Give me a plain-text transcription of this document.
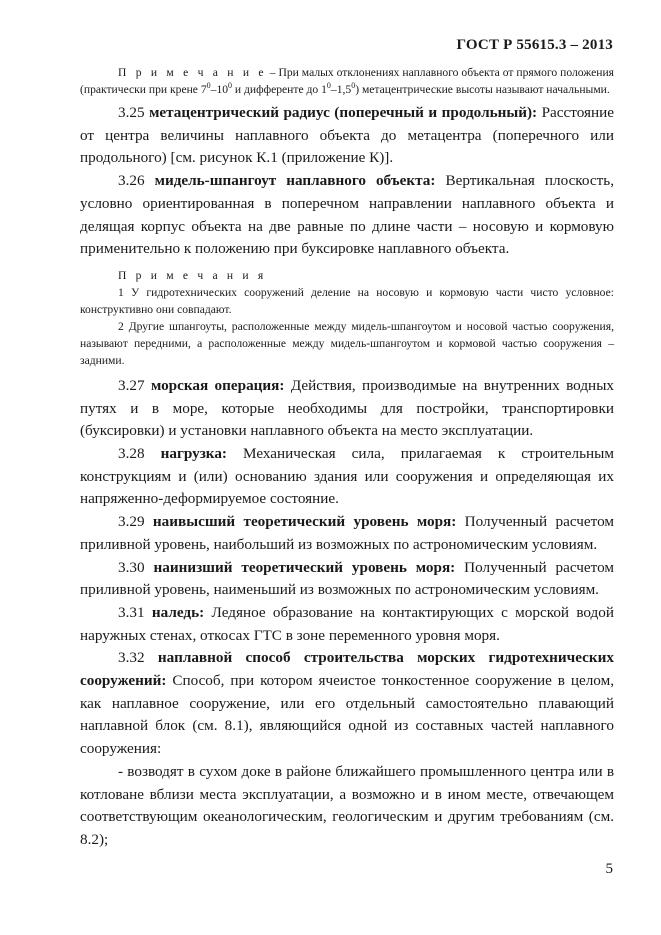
ГОСТ Р 55615.3 – 2013

П р и м е ч а н и е – При малых отклонениях наплавного объекта от прямого положения (практически при крене $7^0-10^0$ и дифференте до $1^0-1,5^0$) метацентрические высоты называют начальными.

3.25 метацентрический радиус (поперечный и продольный): Расстояние от центра величины наплавного объекта до метацентра (поперечного или продольного) [см. рисунок К.1 (приложение К)].

3.26 мидель-шпангоут наплавного объекта: Вертикальная плоскость, условно ориентированная в поперечном направлении наплавного объекта и делящая корпус объекта на две равные по длине части – носовую и кормовую применительно к положению при буксировке наплавного объекта.

П р и м е ч а н и я

1 У гидротехнических сооружений деление на носовую и кормовую части чисто условное: конструктивно они совпадают.

2 Другие шпангоуты, расположенные между мидель-шпангоутом и носовой частью сооружения, называют передними, а расположенные между мидель-шпангоутом и кормовой частью сооружения – задними.

3.27 морская операция: Действия, производимые на внутренних водных путях и в море, которые необходимы для постройки, транспортировки (буксировки) и установки наплавного объекта на место эксплуатации.

3.28 нагрузка: Механическая сила, прилагаемая к строительным конструкциям и (или) основанию здания или сооружения и определяющая их напряженно-деформируемое состояние.

3.29 наивысший теоретический уровень моря: Полученный расчетом приливной уровень, наибольший из возможных по астрономическим условиям.

3.30 наинизший теоретический уровень моря: Полученный расчетом приливной уровень, наименьший из возможных по астрономическим условиям.

3.31 наледь: Ледяное образование на контактирующих с морской водой наружных стенах, откосах ГТС в зоне переменного уровня моря.

3.32 наплавной способ строительства морских гидротехнических сооружений: Способ, при котором ячеистое тонкостенное сооружение в целом, как наплавное сооружение, или его отдельный самостоятельно плавающий наплавной блок (см. 8.1), являющийся одной из составных частей наплавного сооружения:

- возводят в сухом доке в районе ближайшего промышленного центра или в котловане вблизи места эксплуатации, а возможно и в ином месте, отвечающем соответствующим океанологическим, геологическим и другим требованиям (см. 8.2);

5
